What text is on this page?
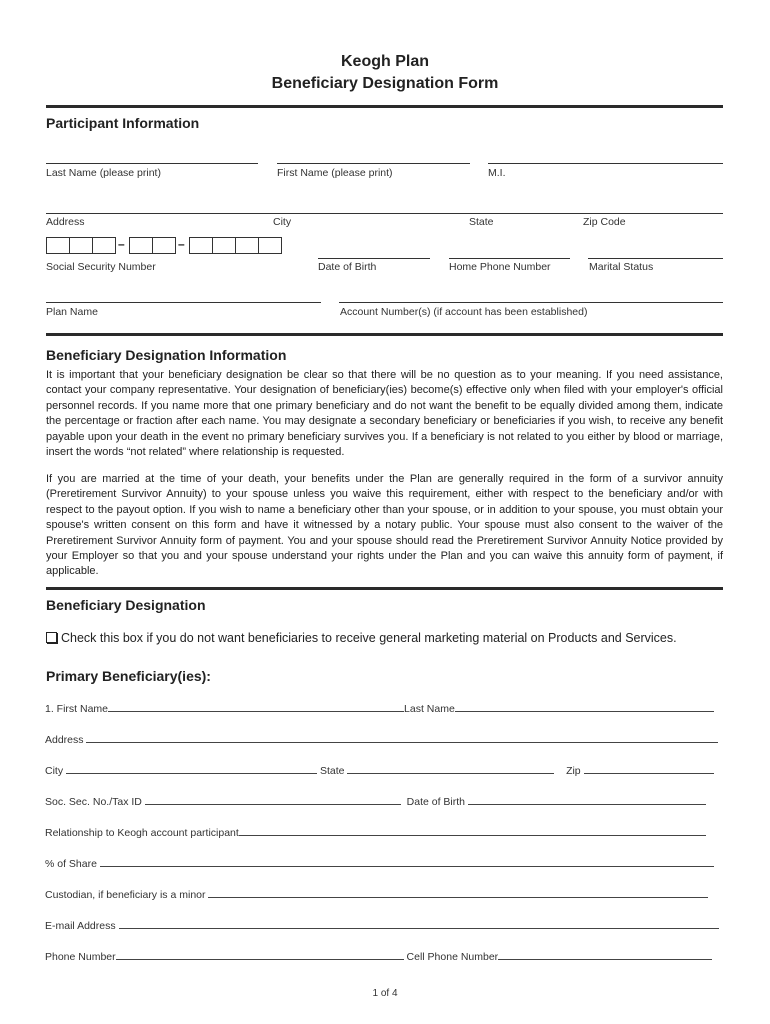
Keogh Plan
Beneficiary Designation Form
Participant Information
Last Name (please print)	First Name (please print)	M.I.
Address	City	State	Zip Code
–	–
Social Security Number	Date of Birth	Home Phone Number	Marital Status
Plan Name	Account Number(s) (if account has been established)
Beneficiary Designation Information
It is important that your beneficiary designation be clear so that there will be no question as to your meaning. If you need assistance, contact your company representative. Your designation of beneficiary(ies) become(s) effective only when filed with your employer's official personnel records. If you name more that one primary beneficiary and do not want the benefit to be equally divided among them, indicate the percentage or fraction after each name. You may designate a secondary beneficiary or beneficiaries if you wish, to receive any benefit payable upon your death in the event no primary beneficiary survives you. If a beneficiary is not related to you either by blood or marriage, insert the words “not related” where relationship is requested.
If you are married at the time of your death, your benefits under the Plan are generally required in the form of a survivor annuity (Preretirement Survivor Annuity) to your spouse unless you waive this requirement, either with respect to the beneficiary and/or with respect to the payout option. If you wish to name a beneficiary other than your spouse, or in addition to your spouse, you must obtain your spouse's written consent on this form and have it witnessed by a notary public. Your spouse must also consent to the waiver of the Preretirement Survivor Annuity form of payment. You and your spouse should read the Preretirement Survivor Annuity Notice provided by your Employer so that you and your spouse understand your rights under the Plan and you can waive this annuity form of payment, if applicable.
Beneficiary Designation
Check this box if you do not want beneficiaries to receive general marketing material on Products and Services.
Primary Beneficiary(ies):
1. First Name	Last Name
Address
City	State	Zip
Soc. Sec. No./Tax ID	Date of Birth
Relationship to Keogh account participant
% of Share
Custodian, if beneficiary is a minor
E-mail Address
Phone Number	Cell Phone Number
1 of 4
